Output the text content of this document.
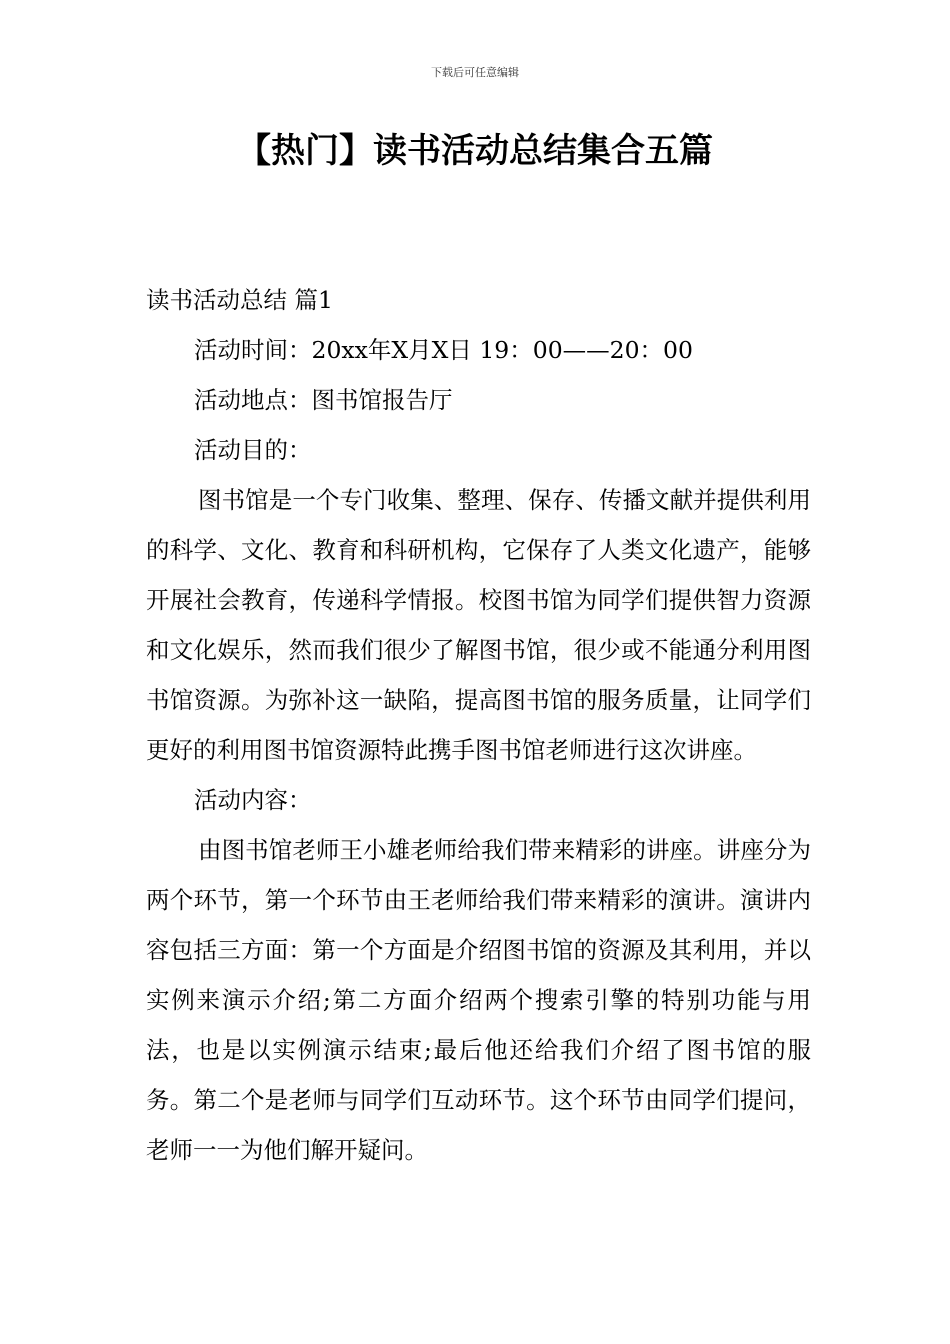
下载后可任意编辑
【热门】读书活动总结集合五篇

读书活动总结 篇1

活动时间：20xx年X月X日 19：00——20：00

活动地点：图书馆报告厅

活动目的：

图书馆是一个专门收集、整理、保存、传播文献并提供利用的科学、文化、教育和科研机构，它保存了人类文化遗产，能够开展社会教育，传递科学情报。校图书馆为同学们提供智力资源和文化娱乐，然而我们很少了解图书馆，很少或不能通分利用图书馆资源。为弥补这一缺陷，提高图书馆的服务质量，让同学们更好的利用图书馆资源特此携手图书馆老师进行这次讲座。

活动内容：

由图书馆老师王小雄老师给我们带来精彩的讲座。讲座分为两个环节，第一个环节由王老师给我们带来精彩的演讲。演讲内容包括三方面：第一个方面是介绍图书馆的资源及其利用，并以实例来演示介绍;第二方面介绍两个搜索引擎的特别功能与用法，也是以实例演示结束;最后他还给我们介绍了图书馆的服务。第二个是老师与同学们互动环节。这个环节由同学们提问，老师一一为他们解开疑问。
